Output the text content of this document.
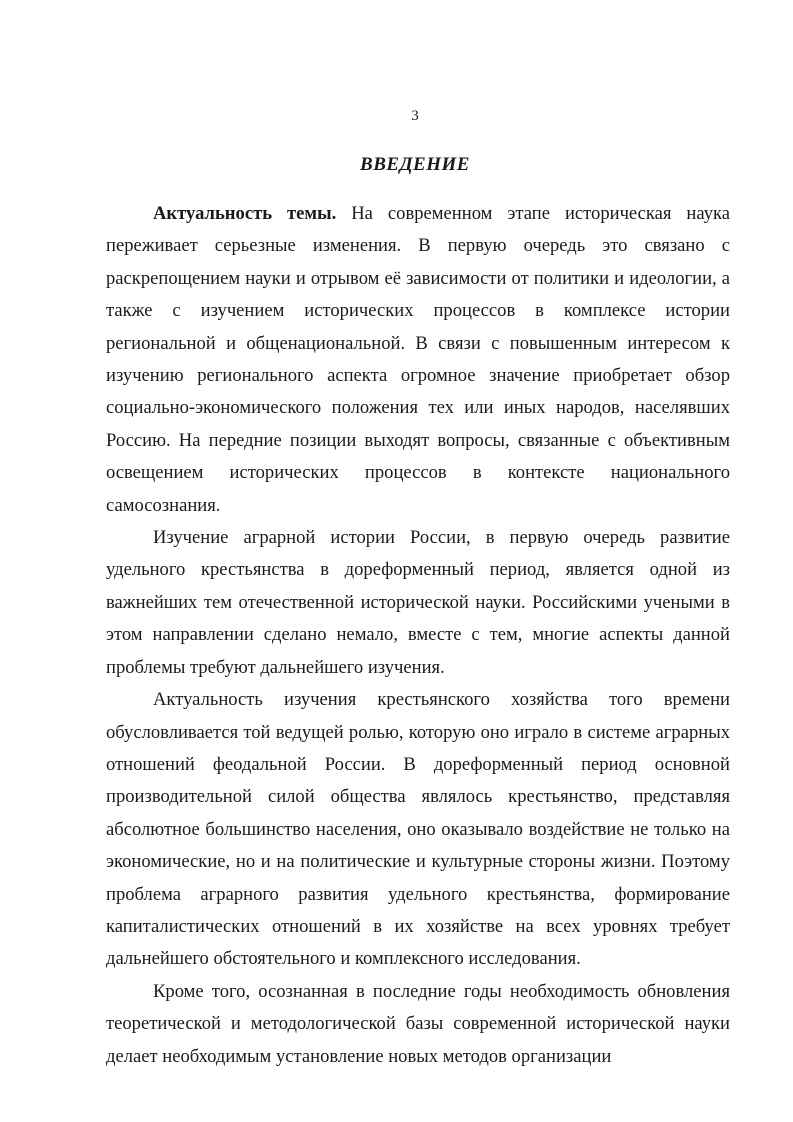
3
ВВЕДЕНИЕ

Актуальность темы. На современном этапе историческая наука переживает серьезные изменения. В первую очередь это связано с раскрепощением науки и отрывом её зависимости от политики и идеологии, а также с изучением исторических процессов в комплексе истории региональной и общенациональной. В связи с повышенным интересом к изучению регионального аспекта огромное значение приобретает обзор социально-экономического положения тех или иных народов, населявших Россию. На передние позиции выходят вопросы, связанные с объективным освещением исторических процессов в контексте национального самосознания.

Изучение аграрной истории России, в первую очередь развитие удельного крестьянства в дореформенный период, является одной из важнейших тем отечественной исторической науки. Российскими учеными в этом направлении сделано немало, вместе с тем, многие аспекты данной проблемы требуют дальнейшего изучения.

Актуальность изучения крестьянского хозяйства того времени обусловливается той ведущей ролью, которую оно играло в системе аграрных отношений феодальной России. В дореформенный период основной производительной силой общества являлось крестьянство, представляя абсолютное большинство населения, оно оказывало воздействие не только на экономические, но и на политические и культурные стороны жизни. Поэтому проблема аграрного развития удельного крестьянства, формирование капиталистических отношений в их хозяйстве на всех уровнях требует дальнейшего обстоятельного и комплексного исследования.

Кроме того, осознанная в последние годы необходимость обновления теоретической и методологической базы современной исторической науки делает необходимым установление новых методов организации
